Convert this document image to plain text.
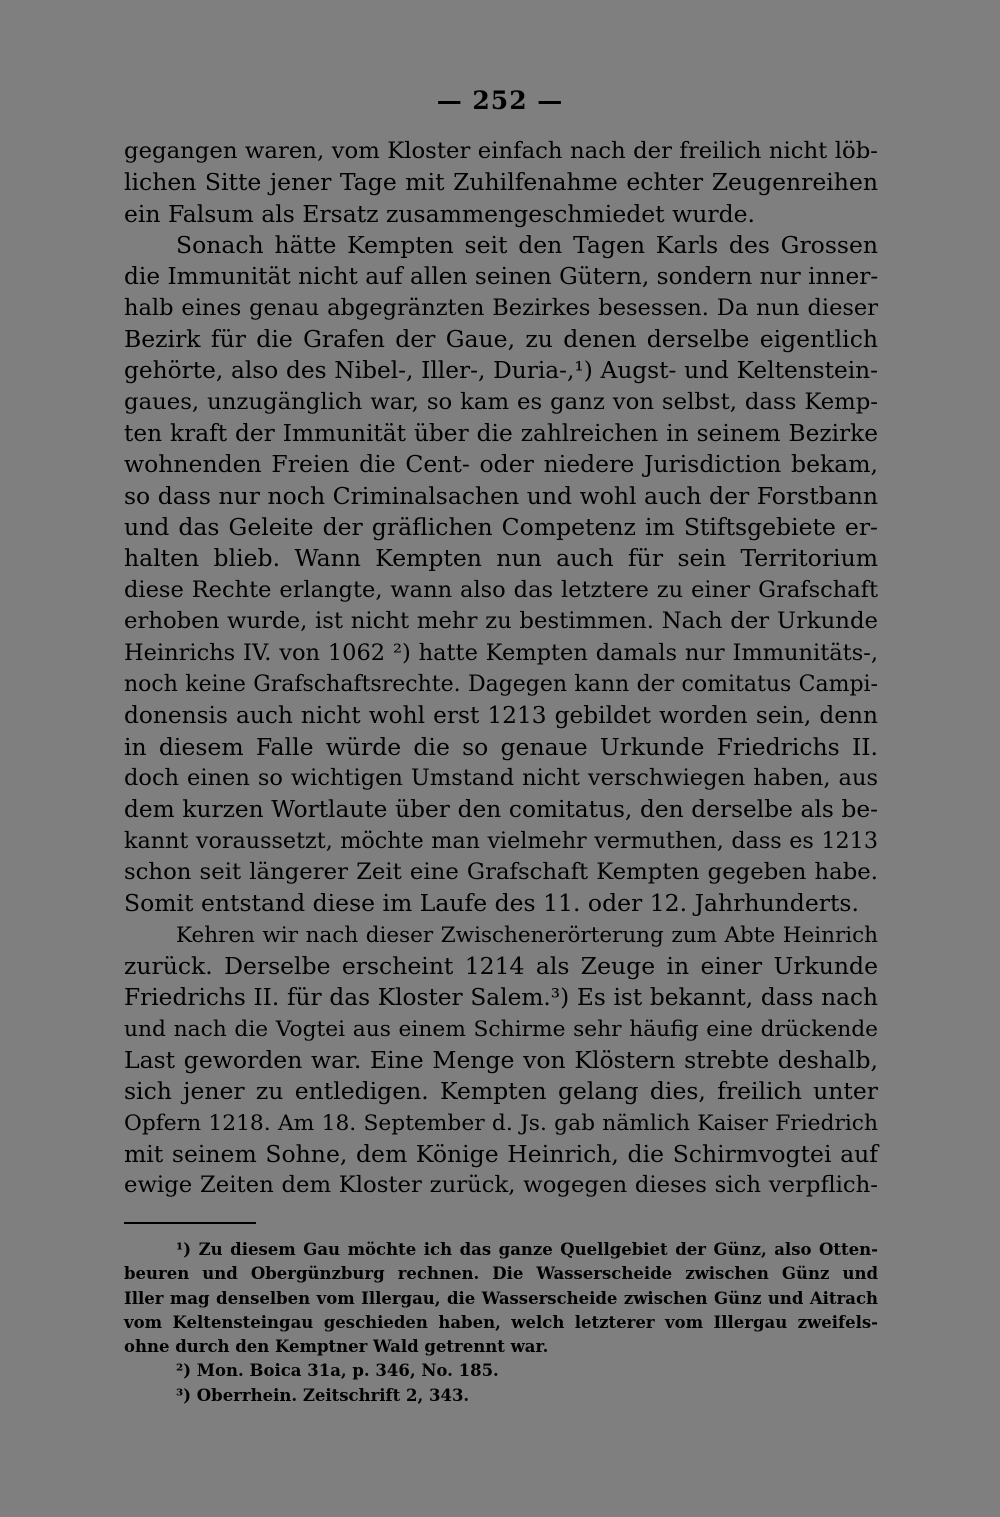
— 252 —
gegangen waren, vom Kloster einfach nach der freilich nicht löb-
lichen Sitte jener Tage mit Zuhilfenahme echter Zeugenreihen
ein Falsum als Ersatz zusammengeschmiedet wurde.
Sonach hätte Kempten seit den Tagen Karls des Grossen
die Immunität nicht auf allen seinen Gütern, sondern nur inner-
halb eines genau abgegränzten Bezirkes besessen. Da nun dieser
Bezirk für die Grafen der Gaue, zu denen derselbe eigentlich
gehörte, also des Nibel-, Iller-, Duria-,¹) Augst- und Keltenstein-
gaues, unzugänglich war, so kam es ganz von selbst, dass Kemp-
ten kraft der Immunität über die zahlreichen in seinem Bezirke
wohnenden Freien die Cent- oder niedere Jurisdiction bekam,
so dass nur noch Criminalsachen und wohl auch der Forstbann
und das Geleite der gräflichen Competenz im Stiftsgebiete er-
halten blieb. Wann Kempten nun auch für sein Territorium
diese Rechte erlangte, wann also das letztere zu einer Grafschaft
erhoben wurde, ist nicht mehr zu bestimmen. Nach der Urkunde
Heinrichs IV. von 1062 ²) hatte Kempten damals nur Immunitäts-,
noch keine Grafschaftsrechte. Dagegen kann der comitatus Campi-
donensis auch nicht wohl erst 1213 gebildet worden sein, denn
in diesem Falle würde die so genaue Urkunde Friedrichs II.
doch einen so wichtigen Umstand nicht verschwiegen haben, aus
dem kurzen Wortlaute über den comitatus, den derselbe als be-
kannt voraussetzt, möchte man vielmehr vermuthen, dass es 1213
schon seit längerer Zeit eine Grafschaft Kempten gegeben habe.
Somit entstand diese im Laufe des 11. oder 12. Jahrhunderts.
Kehren wir nach dieser Zwischenerörterung zum Abte Heinrich
zurück. Derselbe erscheint 1214 als Zeuge in einer Urkunde
Friedrichs II. für das Kloster Salem.³) Es ist bekannt, dass nach
und nach die Vogtei aus einem Schirme sehr häufig eine drückende
Last geworden war. Eine Menge von Klöstern strebte deshalb,
sich jener zu entledigen. Kempten gelang dies, freilich unter
Opfern 1218. Am 18. September d. Js. gab nämlich Kaiser Friedrich
mit seinem Sohne, dem Könige Heinrich, die Schirmvogtei auf
ewige Zeiten dem Kloster zurück, wogegen dieses sich verpflich-
¹) Zu diesem Gau möchte ich das ganze Quellgebiet der Günz, also Otten-
beuren und Obergünzburg rechnen. Die Wasserscheide zwischen Günz und
Iller mag denselben vom Illergau, die Wasserscheide zwischen Günz und Aitrach
vom Keltensteingau geschieden haben, welch letzterer vom Illergau zweifels-
ohne durch den Kemptner Wald getrennt war.
²) Mon. Boica 31a, p. 346, No. 185.
³) Oberrhein. Zeitschrift 2, 343.
